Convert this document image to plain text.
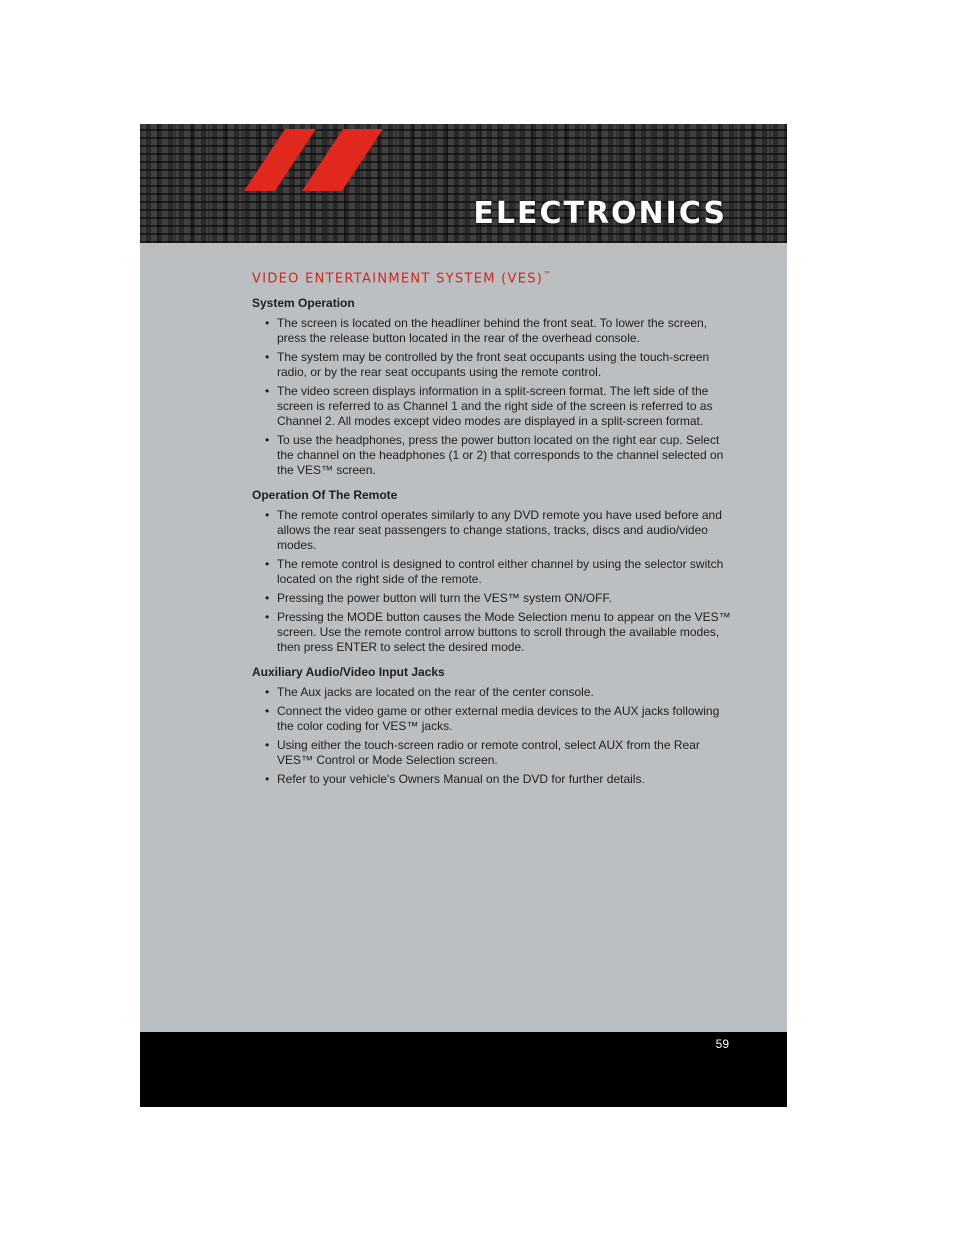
ELECTRONICS
VIDEO ENTERTAINMENT SYSTEM (VES)™
System Operation
• The screen is located on the headliner behind the front seat. To lower the screen, press the release button located in the rear of the overhead console.
• The system may be controlled by the front seat occupants using the touch-screen radio, or by the rear seat occupants using the remote control.
• The video screen displays information in a split-screen format. The left side of the screen is referred to as Channel 1 and the right side of the screen is referred to as Channel 2. All modes except video modes are displayed in a split-screen format.
• To use the headphones, press the power button located on the right ear cup. Select the channel on the headphones (1 or 2) that corresponds to the channel selected on the VES™ screen.
Operation Of The Remote
• The remote control operates similarly to any DVD remote you have used before and allows the rear seat passengers to change stations, tracks, discs and audio/video modes.
• The remote control is designed to control either channel by using the selector switch located on the right side of the remote.
• Pressing the power button will turn the VES™ system ON/OFF.
• Pressing the MODE button causes the Mode Selection menu to appear on the VES™ screen. Use the remote control arrow buttons to scroll through the available modes, then press ENTER to select the desired mode.
Auxiliary Audio/Video Input Jacks
• The Aux jacks are located on the rear of the center console.
• Connect the video game or other external media devices to the AUX jacks following the color coding for VES™ jacks.
• Using either the touch-screen radio or remote control, select AUX from the Rear VES™ Control or Mode Selection screen.
• Refer to your vehicle's Owners Manual on the DVD for further details.
59
